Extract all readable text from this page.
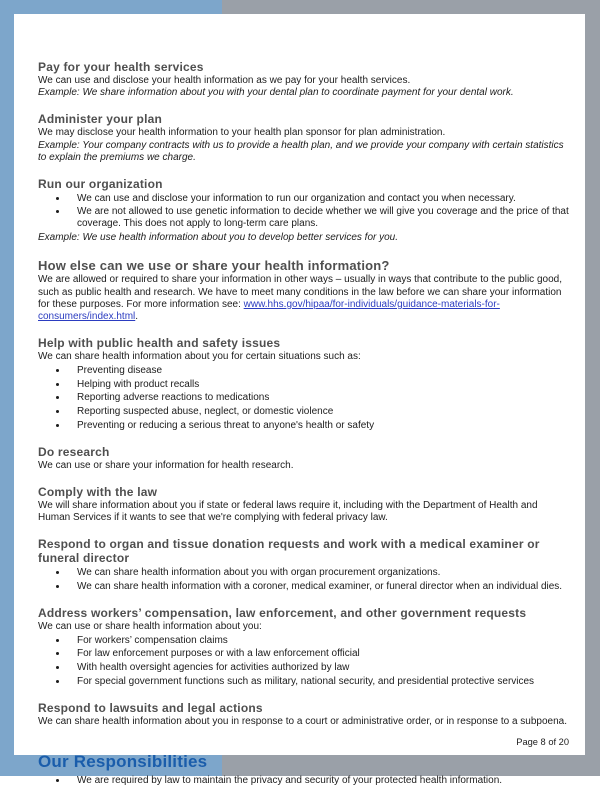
Pay for your health services

We can use and disclose your health information as we pay for your health services.

Example: We share information about you with your dental plan to coordinate payment for your dental work.

Administer your plan

We may disclose your health information to your health plan sponsor for plan administration.

Example: Your company contracts with us to provide a health plan, and we provide your company with certain statistics to explain the premiums we charge.

Run our organization
• We can use and disclose your information to run our organization and contact you when necessary.
• We are not allowed to use genetic information to decide whether we will give you coverage and the price of that coverage. This does not apply to long-term care plans.

Example: We use health information about you to develop better services for you.

How else can we use or share your health information?

We are allowed or required to share your information in other ways – usually in ways that contribute to the public good, such as public health and research. We have to meet many conditions in the law before we can share your information for these purposes. For more information see: www.hhs.gov/hipaa/for-individuals/guidance-materials-for-consumers/index.html.

Help with public health and safety issues

We can share health information about you for certain situations such as:

• Preventing disease
• Helping with product recalls
• Reporting adverse reactions to medications
• Reporting suspected abuse, neglect, or domestic violence
• Preventing or reducing a serious threat to anyone's health or safety
Do research

We can use or share your information for health research.

Comply with the law

We will share information about you if state or federal laws require it, including with the Department of Health and Human Services if it wants to see that we're complying with federal privacy law.

Respond to organ and tissue donation requests and work with a medical examiner or funeral director
• We can share health information about you with organ procurement organizations.
• We can share health information with a coroner, medical examiner, or funeral director when an individual dies.
Address workers’ compensation, law enforcement, and other government requests

We can use or share health information about you:

• For workers’ compensation claims
• For law enforcement purposes or with a law enforcement official
• With health oversight agencies for activities authorized by law
• For special government functions such as military, national security, and presidential protective services
Respond to lawsuits and legal actions

We can share health information about you in response to a court or administrative order, or in response to a subpoena.

Our Responsibilities
• We are required by law to maintain the privacy and security of your protected health information.
Page 8 of 20
